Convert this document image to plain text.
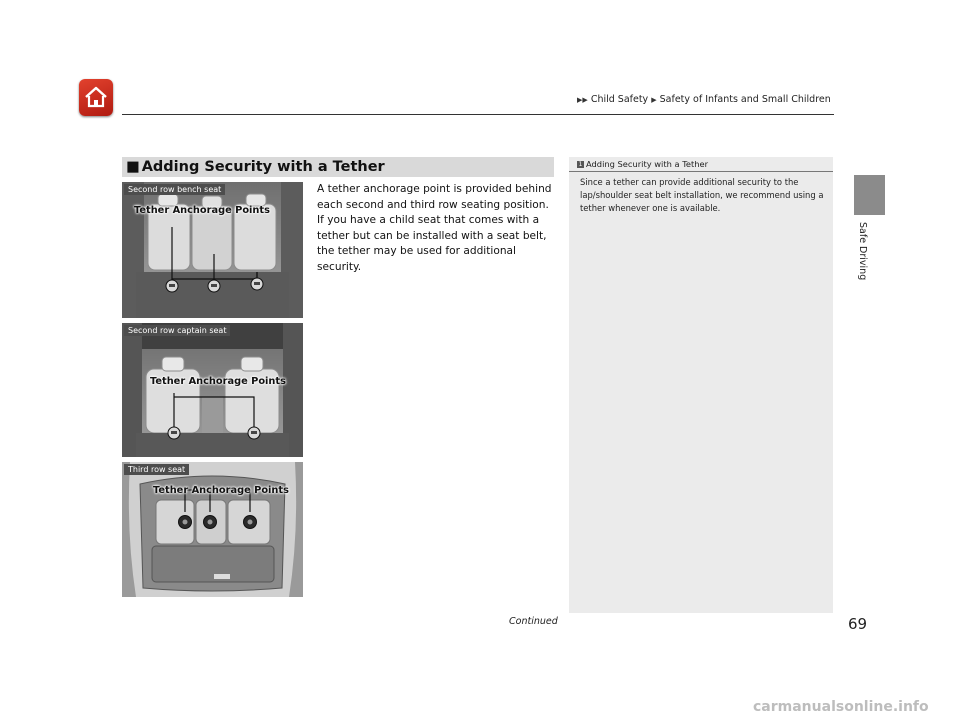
▶▶ Child Safety ▶ Safety of Infants and Small Children
Safe Driving
■ Adding Security with a Tether
A tether anchorage point is provided behind each second and third row seating position. If you have a child seat that comes with a tether but can be installed with a seat belt, the tether may be used for additional security.
Second row bench seat
Tether Anchorage Points
Second row captain seat
Tether Anchorage Points
Third row seat
Tether Anchorage Points
1 Adding Security with a Tether
Since a tether can provide additional security to the lap/shoulder seat belt installation, we recommend using a tether whenever one is available.
Continued	69
carmanualsonline.info
